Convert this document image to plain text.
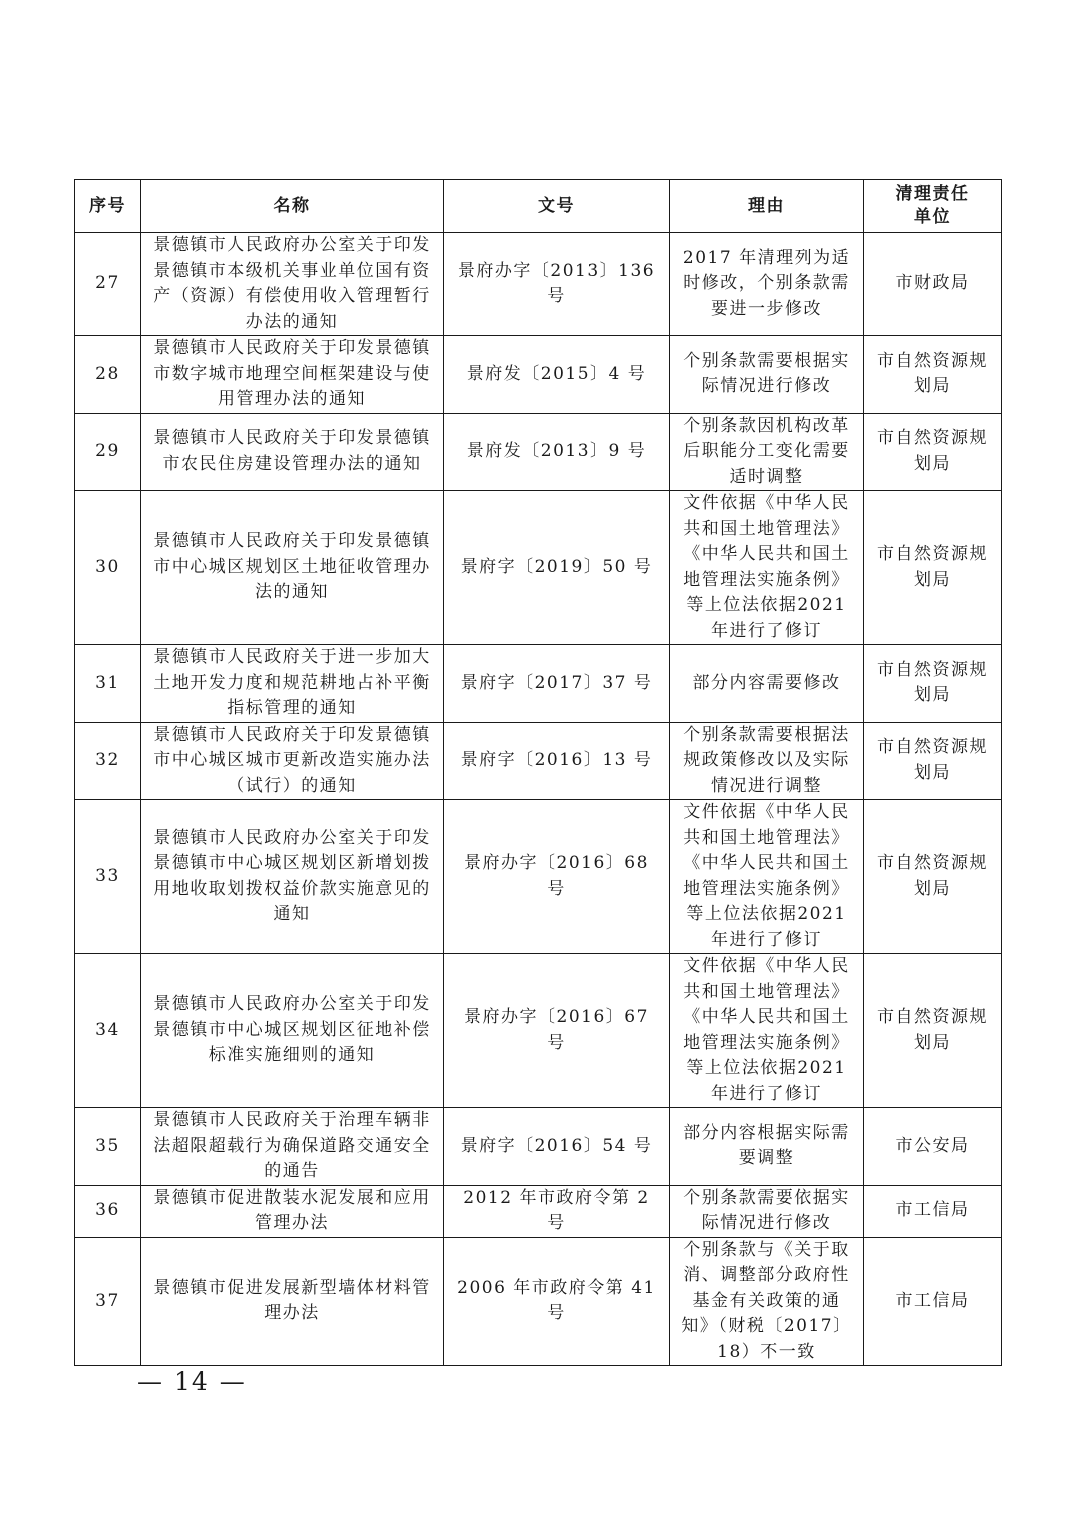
序号	名称	文号	理由	清理责任单位
27	景德镇市人民政府办公室关于印发景德镇市本级机关事业单位国有资产（资源）有偿使用收入管理暂行办法的通知	景府办字〔2013〕136 号	2017 年清理列为适时修改，个别条款需要进一步修改	市财政局
28	景德镇市人民政府关于印发景德镇市数字城市地理空间框架建设与使用管理办法的通知	景府发〔2015〕4 号	个别条款需要根据实际情况进行修改	市自然资源规划局
29	景德镇市人民政府关于印发景德镇市农民住房建设管理办法的通知	景府发〔2013〕9 号	个别条款因机构改革后职能分工变化需要适时调整	市自然资源规划局
30	景德镇市人民政府关于印发景德镇市中心城区规划区土地征收管理办法的通知	景府字〔2019〕50 号	文件依据《中华人民共和国土地管理法》《中华人民共和国土地管理法实施条例》等上位法依据2021 年进行了修订	市自然资源规划局
31	景德镇市人民政府关于进一步加大土地开发力度和规范耕地占补平衡指标管理的通知	景府字〔2017〕37 号	部分内容需要修改	市自然资源规划局
32	景德镇市人民政府关于印发景德镇市中心城区城市更新改造实施办法（试行）的通知	景府字〔2016〕13 号	个别条款需要根据法规政策修改以及实际情况进行调整	市自然资源规划局
33	景德镇市人民政府办公室关于印发景德镇市中心城区规划区新增划拨用地收取划拨权益价款实施意见的通知	景府办字〔2016〕68 号	文件依据《中华人民共和国土地管理法》《中华人民共和国土地管理法实施条例》等上位法依据2021 年进行了修订	市自然资源规划局
34	景德镇市人民政府办公室关于印发景德镇市中心城区规划区征地补偿标准实施细则的通知	景府办字〔2016〕67 号	文件依据《中华人民共和国土地管理法》《中华人民共和国土地管理法实施条例》等上位法依据2021 年进行了修订	市自然资源规划局
35	景德镇市人民政府关于治理车辆非法超限超载行为确保道路交通安全的通告	景府字〔2016〕54 号	部分内容根据实际需要调整	市公安局
36	景德镇市促进散装水泥发展和应用管理办法	2012 年市政府令第 2 号	个别条款需要依据实际情况进行修改	市工信局
37	景德镇市促进发展新型墙体材料管理办法	2006 年市政府令第 41 号	个别条款与《关于取消、调整部分政府性基金有关政策的通知》（财税〔2017〕18）不一致	市工信局
— 14 —
